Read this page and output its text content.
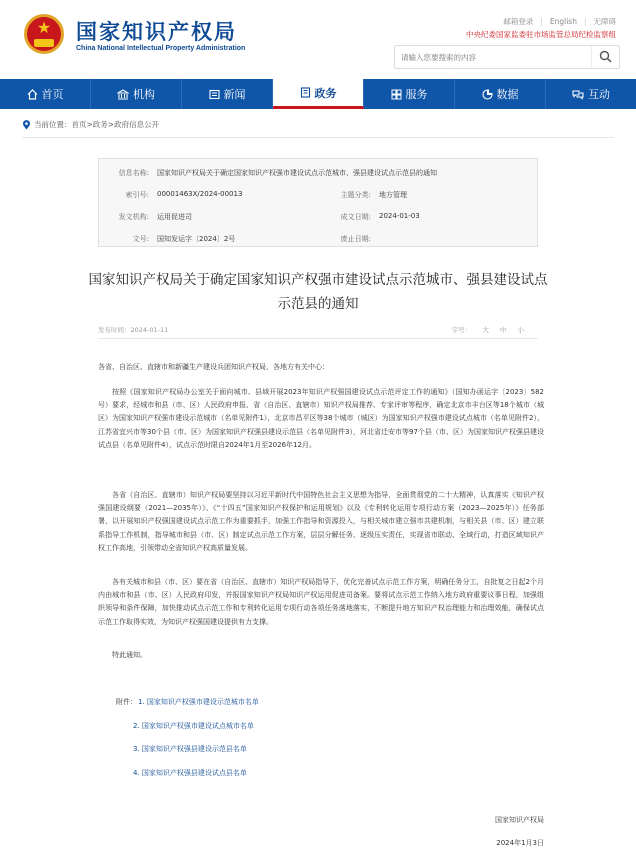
★	国家知识产权局
China National Intellectual Property Administration
邮箱登录 | English | 无障碍
中央纪委国家监委驻市场监管总局纪检监察组
请输入您要搜索的内容
首页	机构	新闻	政务	服务	数据	互动
当前位置： 首页 > 政务 > 政府信息公开
信息名称: 国家知识产权局关于确定国家知识产权强市建设试点示范城市、强县建设试点示范县的通知
索引号: 00001463X/2024-00013	主题分类: 地方管理
发文机构: 运用促进司	成文日期: 2024-01-03
文号: 国知发运字〔2024〕2号	废止日期:
国家知识产权局关于确定国家知识产权强市建设试点示范城市、强县建设试点
示范县的通知
发布时间：2024-01-11	字号： 大 中 小
各省、自治区、直辖市和新疆生产建设兵团知识产权局，各地方有关中心：
按照《国家知识产权局办公室关于面向城市、县域开展2023年知识产权强国建设试点示范评定工作的通知》（国知办函运字〔2023〕582号）要求，经城市和县（市、区）人民政府申报、省（自治区、直辖市）知识产权局推荐、专家评审等程序，确定北京市丰台区等18个城市（城区）为国家知识产权强市建设示范城市（名单见附件1），北京市昌平区等38个城市（城区）为国家知识产权强市建设试点城市（名单见附件2），江苏省宜兴市等30个县（市、区）为国家知识产权强县建设示范县（名单见附件3），河北省迁安市等97个县（市、区）为国家知识产权强县建设试点县（名单见附件4），试点示范时限自2024年1月至2026年12月。
各省（自治区、直辖市）知识产权局要坚持以习近平新时代中国特色社会主义思想为指导，全面贯彻党的二十大精神，认真落实《知识产权强国建设纲要（2021—2035年）》、《“十四五”国家知识产权保护和运用规划》以及《专利转化运用专项行动方案（2023—2025年）》任务部署，以开展知识产权强国建设试点示范工作为重要抓手，加强工作指导和资源投入，与相关城市建立强市共建机制，与相关县（市、区）建立联系指导工作机制，指导城市和县（市、区）制定试点示范工作方案，层层分解任务、逐级压实责任，实现省市联动、全域行动，打造区域知识产权工作高地，引领带动全省知识产权高质量发展。
各有关城市和县（市、区）要在省（自治区、直辖市）知识产权局指导下，优化完善试点示范工作方案，明确任务分工，自批复之日起2个月内由城市和县（市、区）人民政府印发，并报国家知识产权局知识产权运用促进司备案。要将试点示范工作纳入地方政府重要议事日程，加强组织领导和条件保障，加快推动试点示范工作和专利转化运用专项行动各项任务落地落实，不断提升地方知识产权治理能力和治理效能，确保试点示范工作取得实效，为知识产权强国建设提供有力支撑。
特此通知。
附件： 1. 国家知识产权强市建设示范城市名单
2. 国家知识产权强市建设试点城市名单
3. 国家知识产权强县建设示范县名单
4. 国家知识产权强县建设试点县名单
国家知识产权局
2024年1月3日
